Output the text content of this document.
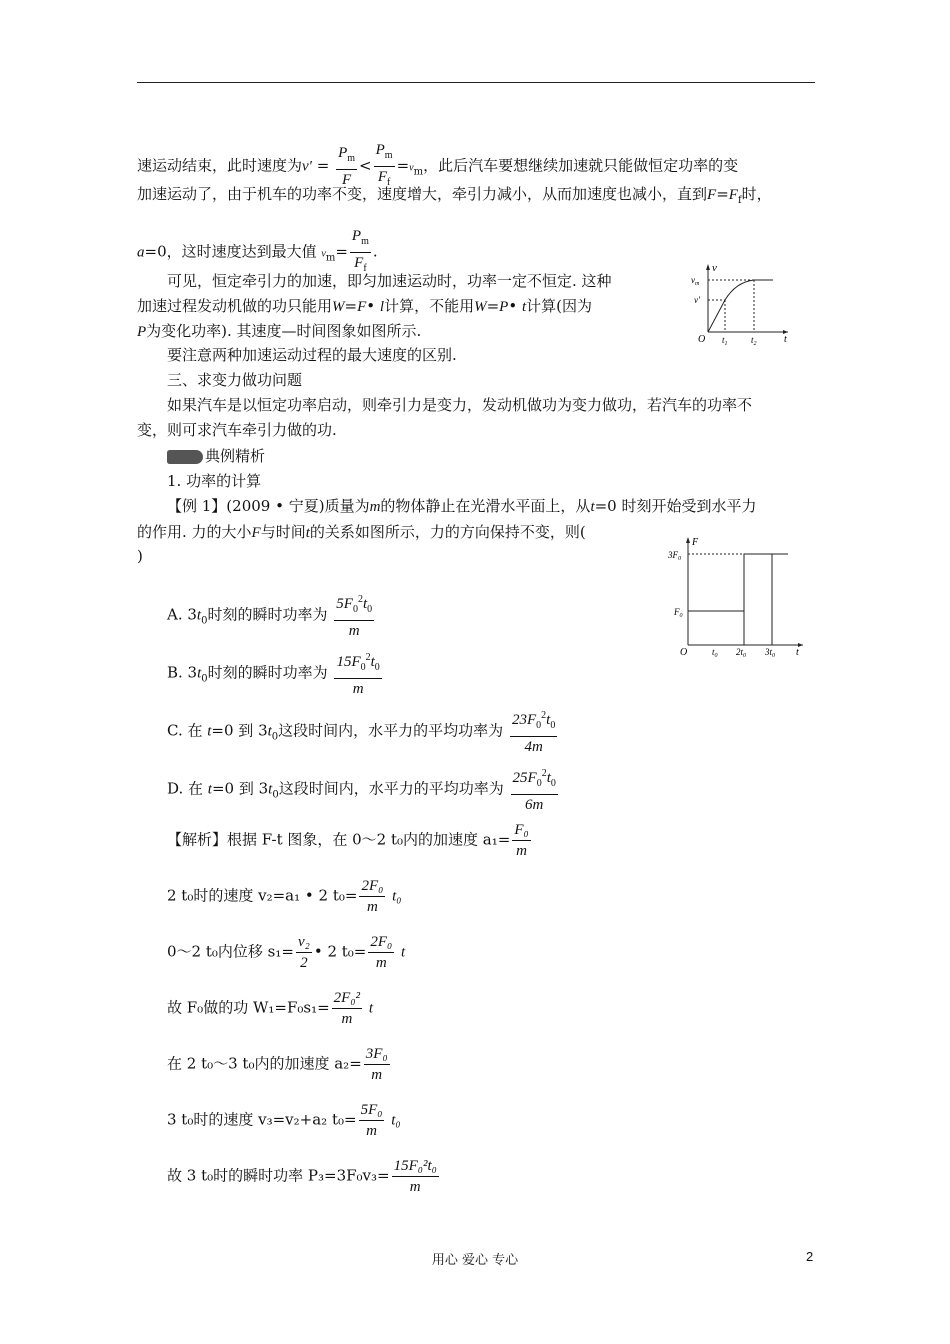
速运动结束，此时速度为$v' = \frac{P_m}{F} < \frac{P_m}{F_f} =v_m$，此后汽车要想继续加速就只能做恒定功率的变
加速运动了，由于机车的功率不变，速度增大，牵引力减小，从而加速度也减小，直到$F=F_f$时，
a=0，这时速度达到最大值 $v_m= \frac{P_m}{F_f}$ .
可见，恒定牵引力的加速，即匀加速运动时，功率一定不恒定. 这种
加速过程发动机做的功只能用W=F• l计算，不能用W=P• t计算(因为
P为变化功率). 其速度—时间图象如图所示.
v
$v_m$
v′
O $t_1$	$t_2$	t
要注意两种加速运动过程的最大速度的区别.
三、求变力做功问题
如果汽车是以恒定功率启动，则牵引力是变力，发动机做功为变力做功，若汽车的功率不
变，则可求汽车牵引力做的功.
典例精析
1. 功率的计算
【例 1】(2009 • 宁夏)质量为m的物体静止在光滑水平面上，从t=0 时刻开始受到水平力
的作用. 力的大小F与时间t的关系如图所示，力的方向保持不变，则(
)
F
$3F_0$
$F_0$
O	$t_0$ $2t_0$ $3t_0$ t
A. $3t_0$时刻的瞬时功率为 $\frac{5F_0^2t_0}{m}$
B. $3t_0$时刻的瞬时功率为 $\frac{15F_0^2t_0}{m}$
C. 在 t=0 到 $3t_0$这段时间内，水平力的平均功率为 $\frac{23F_0^2t_0}{4m}$
D. 在 t=0 到 $3t_0$这段时间内，水平力的平均功率为 $\frac{25F_0^2t_0}{6m}$
【解析】根据 F-t 图象，在 0～2 t₀内的加速度 $a_1= \frac{\text{F₀}}{m}$
2 t₀时的速度 v₂=a₁ • 2 $t_0= \frac{\text{2F₀}}{m} t_0$
0～2 t₀内位移 $s_1= \frac{\text{v₂}}{2}$ • 2 $t_0= \frac{\text{2F₀}}{m}$ t
故 F₀做的功 $W_1=F_0s_1= \frac{\text{2F₀²}}{m}$ t
在 2 t₀～3 t₀内的加速度 $a_2= \frac{\text{3F₀}}{m}$
3 t₀时的速度 v₃=v₂+a₂ $t_0= \frac{\text{5F₀}}{m} t_0$
故 3 t₀时的瞬时功率 $P_3=3F_0v_3= \frac{\text{15F₀²t₀}}{m}$
用心 爱心 专心	2
